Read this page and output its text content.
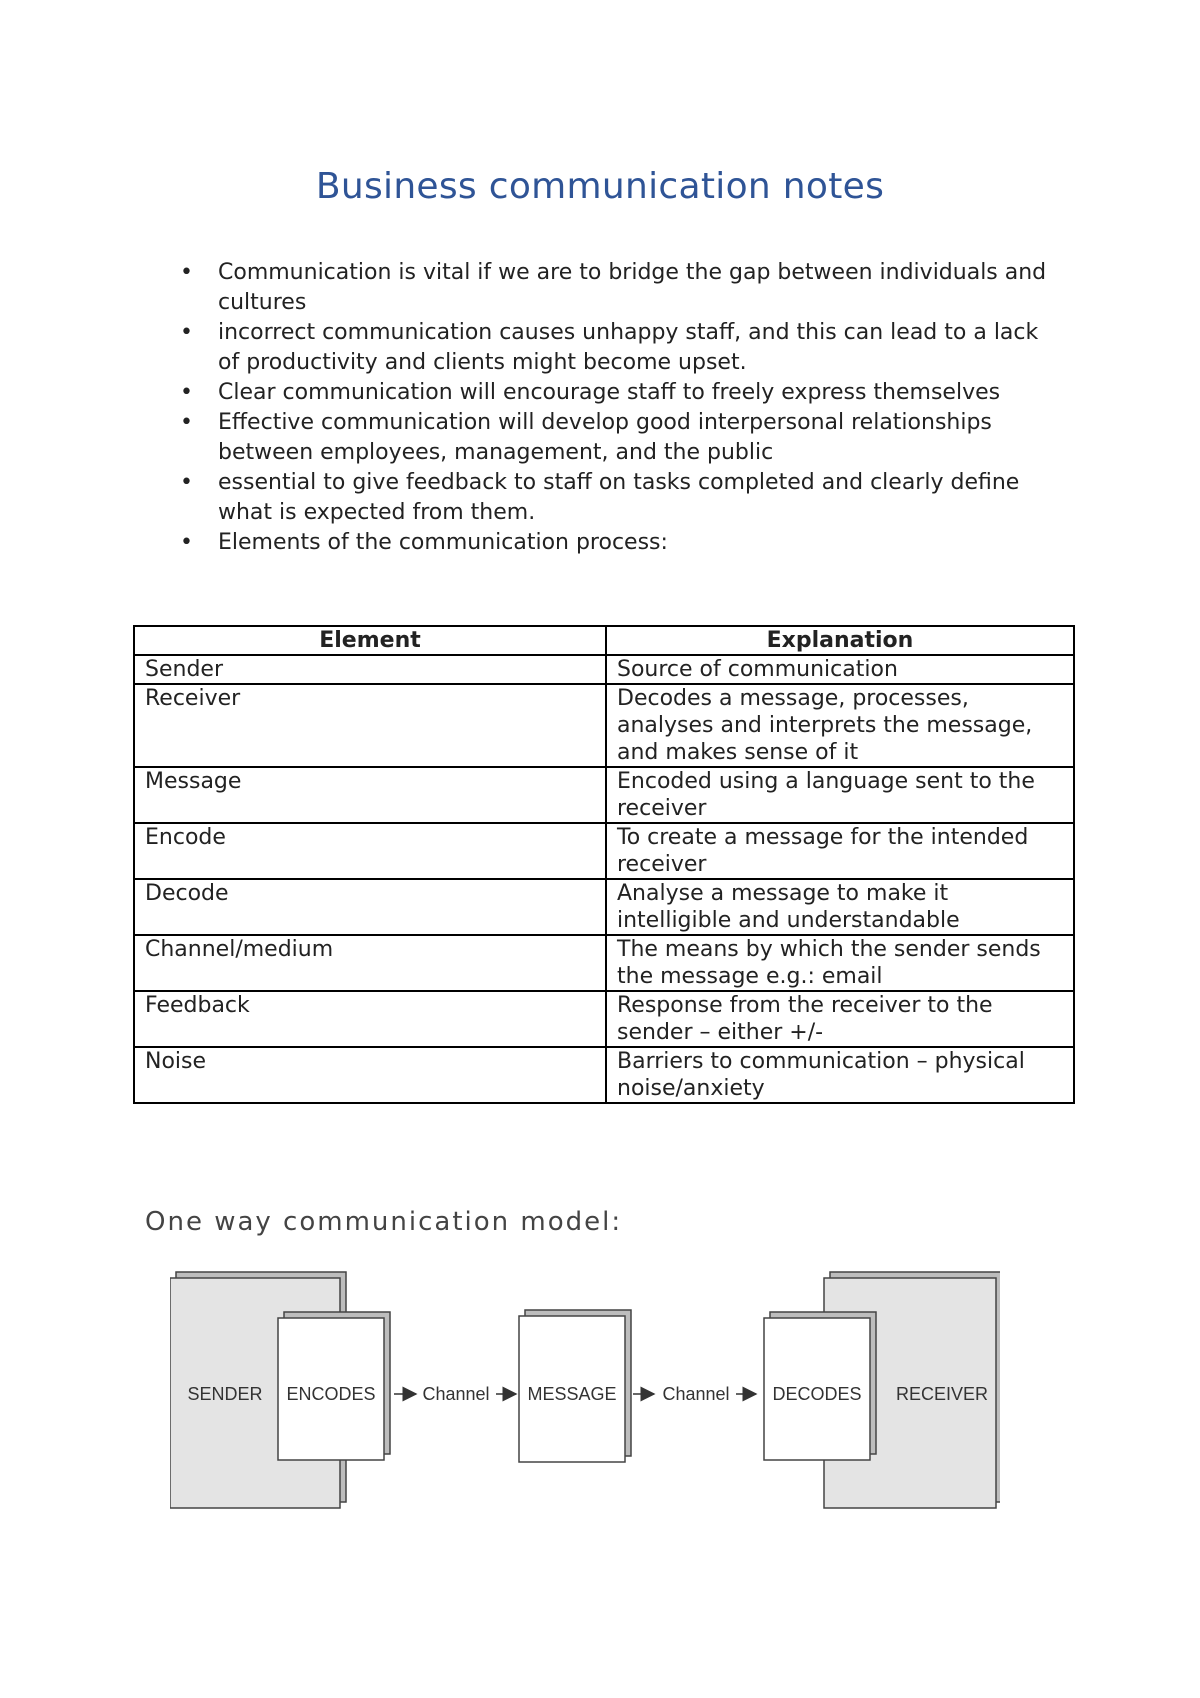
Business communication notes
• Communication is vital if we are to bridge the gap between individuals and cultures
• incorrect communication causes unhappy staff, and this can lead to a lack of productivity and clients might become upset.
• Clear communication will encourage staff to freely express themselves
• Effective communication will develop good interpersonal relationships between employees, management, and the public
• essential to give feedback to staff on tasks completed and clearly define what is expected from them.
• Elements of the communication process:
Element	Explanation
Sender	Source of communication
Receiver	Decodes a message, processes, analyses and interprets the message, and makes sense of it
Message	Encoded using a language sent to the receiver
Encode	To create a message for the intended receiver
Decode	Analyse a message to make it intelligible and understandable
Channel/medium	The means by which the sender sends the message e.g.: email
Feedback	Response from the receiver to the sender – either +/-
Noise	Barriers to communication – physical noise/anxiety
One way communication model:
SENDER ENCODES	Channel MESSAGE	Channel	RECEIVER
DECODES
